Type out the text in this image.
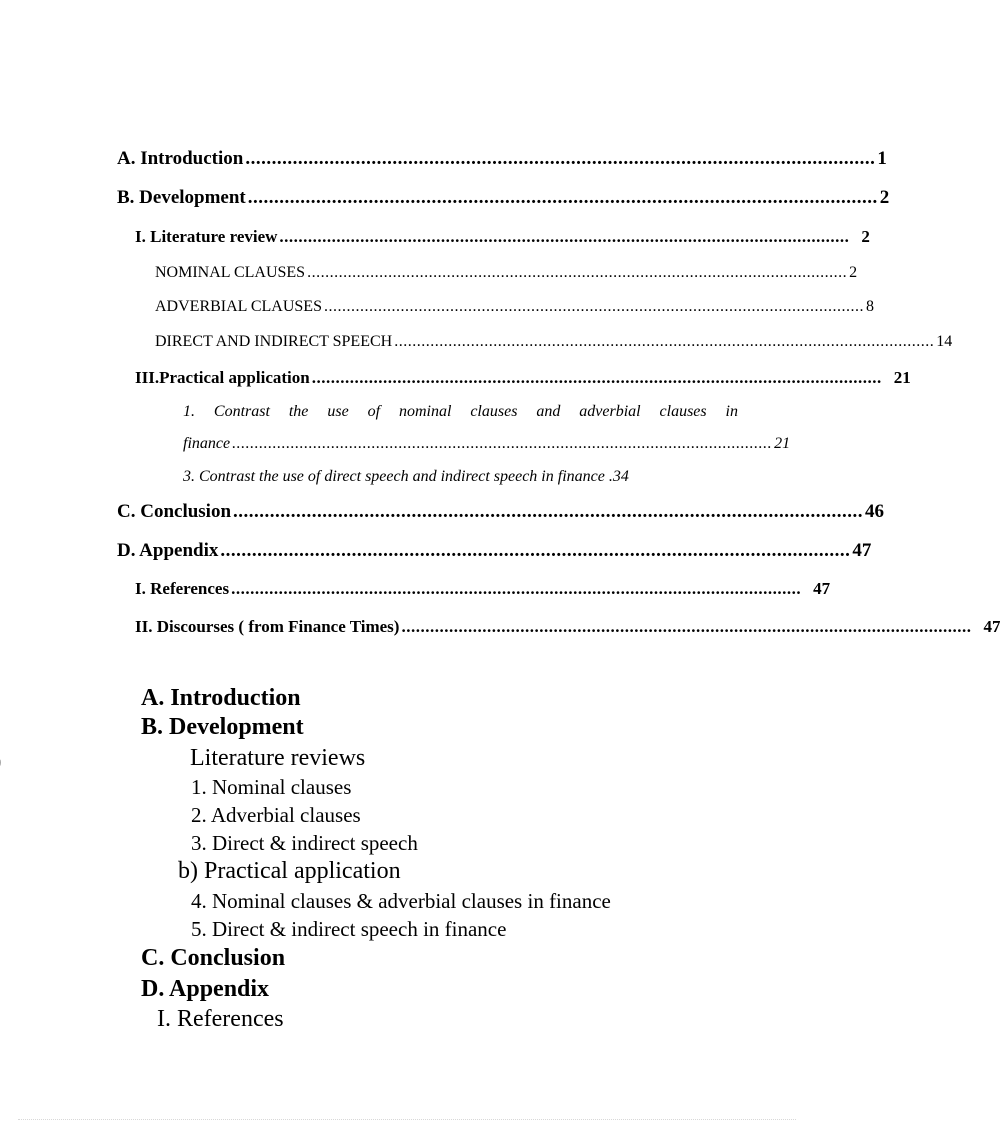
A. Introduction ........................................................................................................................ 1
B. Development ........................................................................................................................ 2
I. Literature review ........................................................................................................................ 2
NOMINAL CLAUSES ........................................................................................................................ 2
ADVERBIAL CLAUSES ........................................................................................................................ 8
DIRECT AND INDIRECT SPEECH ........................................................................................................................ 14
III.Practical application ........................................................................................................................ 21
1. Contrast the use of nominal clauses and adverbial clauses in
finance ........................................................................................................................ 21
3. Contrast the use of direct speech and indirect speech in finance . 34
C. Conclusion ........................................................................................................................ 46
D. Appendix ........................................................................................................................ 47
I. References ........................................................................................................................ 47
II. Discourses ( from Finance Times) ........................................................................................................................ 47
A. Introduction
B. Development
Literature reviews
1. Nominal clauses
2. Adverbial clauses
3. Direct & indirect speech
b) Practical application
4. Nominal clauses & adverbial clauses in finance
5. Direct & indirect speech in finance
C. Conclusion
D. Appendix
I. References
